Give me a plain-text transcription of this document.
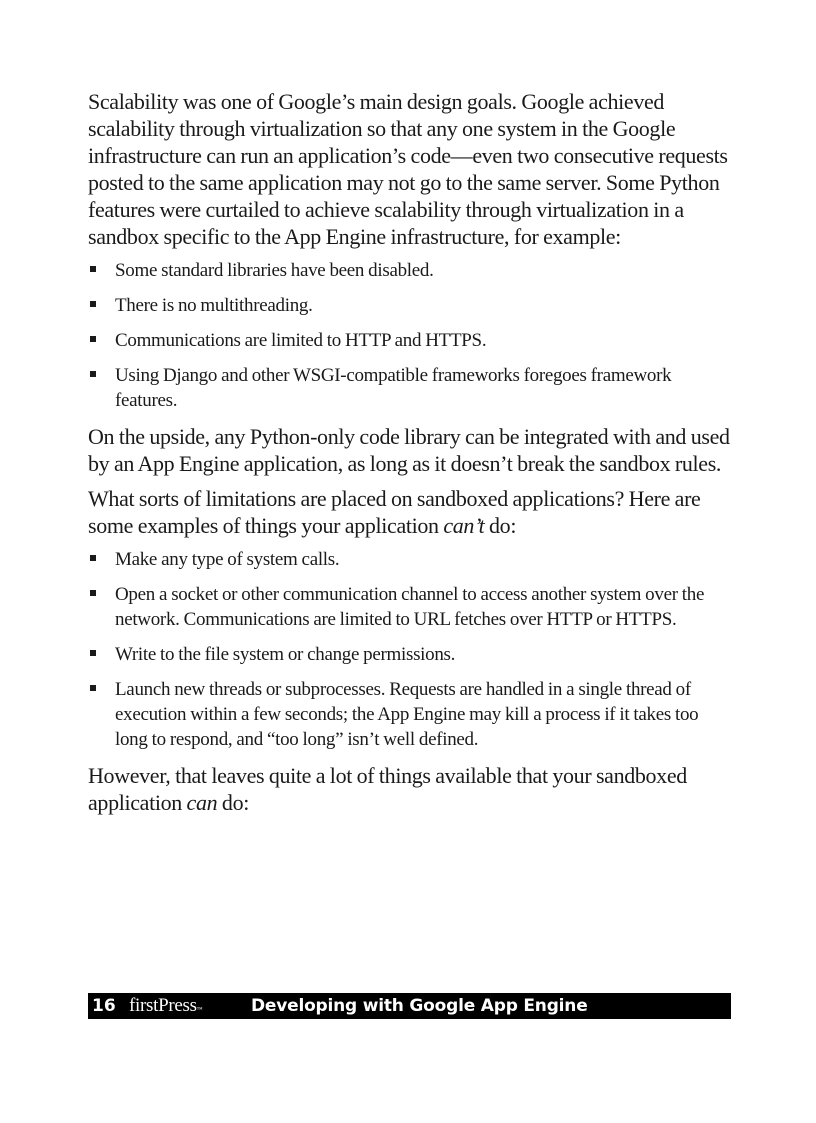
Scalability was one of Google’s main design goals. Google achieved scalability through virtualization so that any one system in the Google infrastructure can run an application’s code—even two consecutive requests posted to the same application may not go to the same server. Some Python features were curtailed to achieve scalability through virtualization in a sandbox specific to the App Engine infrastructure, for example:

Some standard libraries have been disabled.
There is no multithreading.
Communications are limited to HTTP and HTTPS.
Using Django and other WSGI-compatible frameworks foregoes framework features.

On the upside, any Python-only code library can be integrated with and used by an App Engine application, as long as it doesn’t break the sandbox rules.

What sorts of limitations are placed on sandboxed applications? Here are some examples of things your application can’t do:

Make any type of system calls.
Open a socket or other communication channel to access another system over the network. Communications are limited to URL fetches over HTTP or HTTPS.
Write to the file system or change permissions.
Launch new threads or subprocesses. Requests are handled in a single thread of execution within a few seconds; the App Engine may kill a process if it takes too long to respond, and “too long” isn’t well defined.

However, that leaves quite a lot of things available that your sandboxed application can do:

16 firstPress™	Developing with Google App Engine
